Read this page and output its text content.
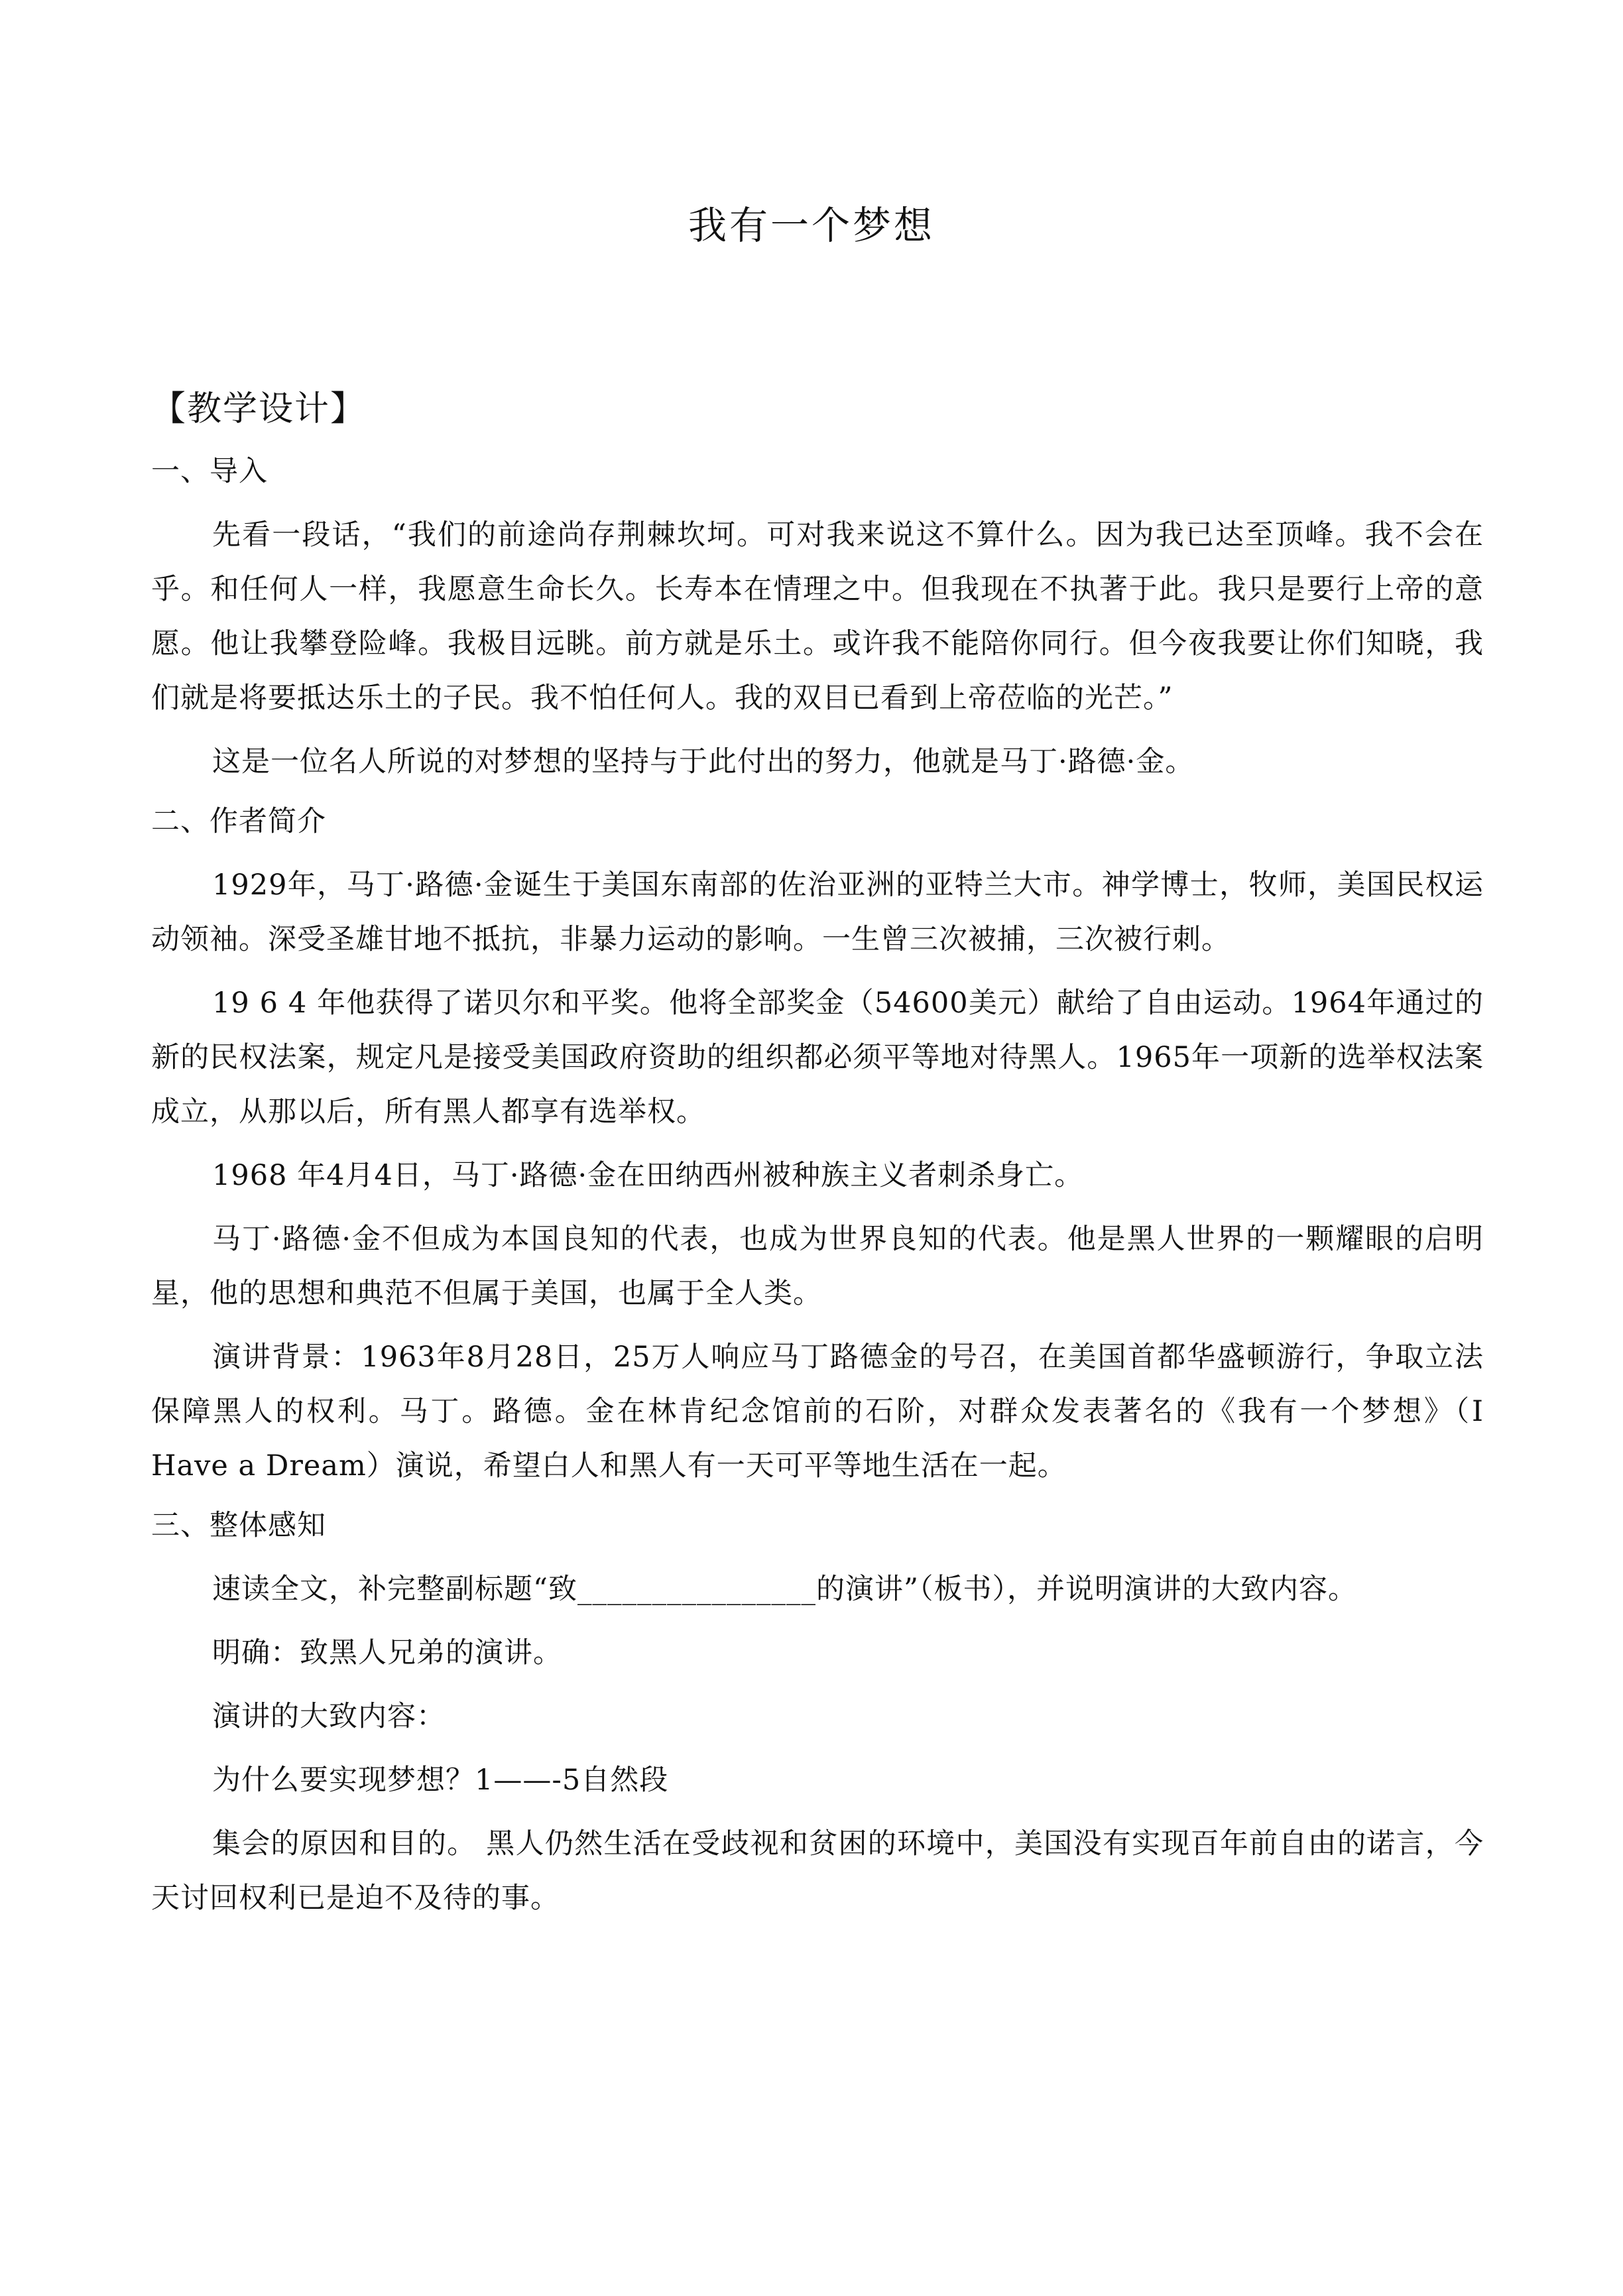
我有一个梦想
【教学设计】
一、导入

先看一段话，“我们的前途尚存荆棘坎坷。可对我来说这不算什么。因为我已达至顶峰。我不会在乎。和任何人一样，我愿意生命长久。长寿本在情理之中。但我现在不执著于此。我只是要行上帝的意愿。他让我攀登险峰。我极目远眺。前方就是乐土。或许我不能陪你同行。但今夜我要让你们知晓，我们就是将要抵达乐土的子民。我不怕任何人。我的双目已看到上帝莅临的光芒。”

这是一位名人所说的对梦想的坚持与于此付出的努力，他就是马丁·路德·金。

二、作者简介

1929年，马丁·路德·金诞生于美国东南部的佐治亚洲的亚特兰大市。神学博士，牧师，美国民权运动领袖。深受圣雄甘地不抵抗，非暴力运动的影响。一生曾三次被捕，三次被行刺。

19 6 4 年他获得了诺贝尔和平奖。他将全部奖金（54600美元）献给了自由运动。1964年通过的新的民权法案，规定凡是接受美国政府资助的组织都必须平等地对待黑人。1965年一项新的选举权法案成立，从那以后，所有黑人都享有选举权。

1968 年4月4日，马丁·路德·金在田纳西州被种族主义者刺杀身亡。

马丁·路德·金不但成为本国良知的代表，也成为世界良知的代表。他是黑人世界的一颗耀眼的启明星，他的思想和典范不但属于美国，也属于全人类。

演讲背景：1963年8月28日，25万人响应马丁路德金的号召，在美国首都华盛顿游行，争取立法保障黑人的权利。马丁。路德。金在林肯纪念馆前的石阶，对群众发表著名的《我有一个梦想》（I Have a Dream）演说，希望白人和黑人有一天可平等地生活在一起。

三、整体感知

速读全文，补完整副标题“致________________的演讲”（板书），并说明演讲的大致内容。

明确：致黑人兄弟的演讲。

演讲的大致内容：

为什么要实现梦想？1——-5自然段

集会的原因和目的。 黑人仍然生活在受歧视和贫困的环境中，美国没有实现百年前自由的诺言，今天讨回权利已是迫不及待的事。
